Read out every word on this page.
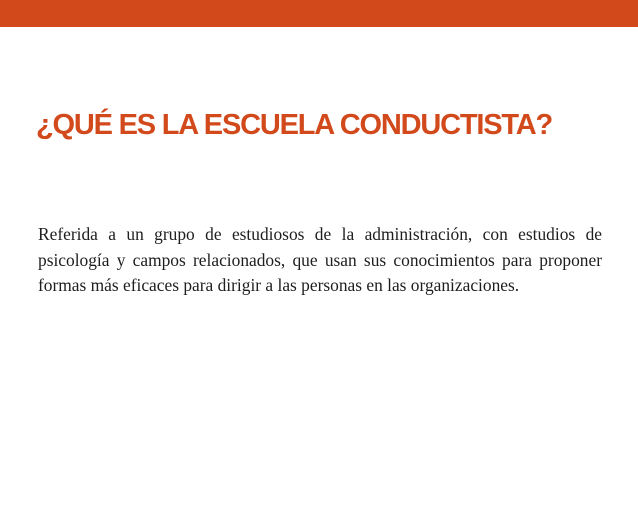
¿QUÉ ES LA ESCUELA CONDUCTISTA?

Referida a un grupo de estudiosos de la administración, con estudios de psicología y campos relacionados, que usan sus conocimientos para proponer formas más eficaces para dirigir a las personas en las organizaciones.
